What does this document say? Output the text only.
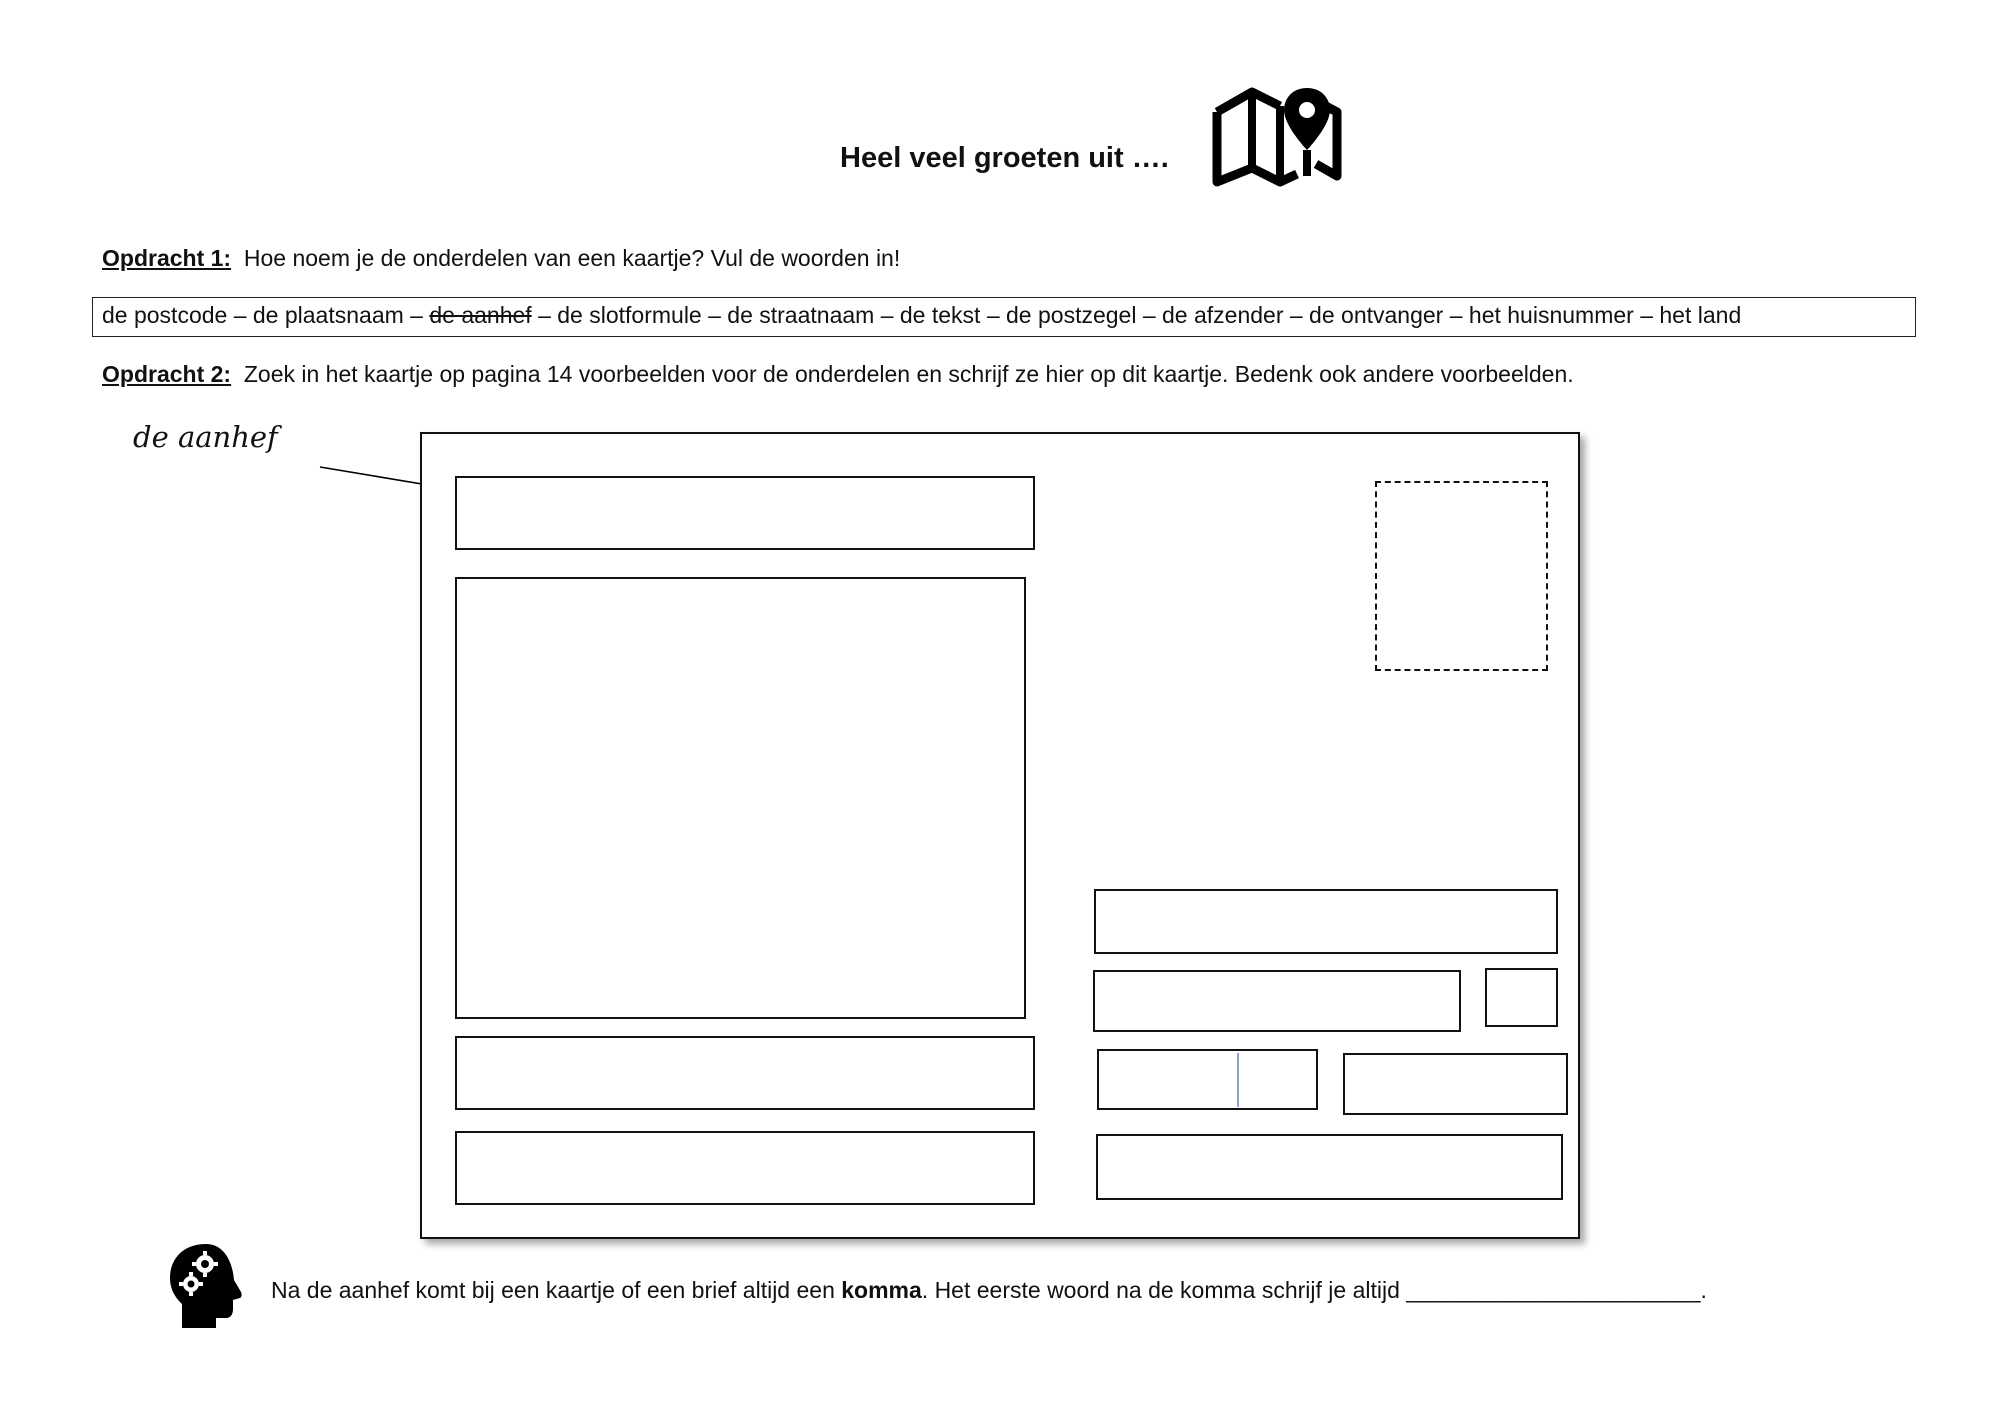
Heel veel groeten uit ….
Opdracht 1: Hoe noem je de onderdelen van een kaartje? Vul de woorden in!
de postcode – de plaatsnaam – de aanhef – de slotformule – de straatnaam – de tekst – de postzegel – de afzender – de ontvanger – het huisnummer – het land
Opdracht 2: Zoek in het kaartje op pagina 14 voorbeelden voor de onderdelen en schrijf ze hier op dit kaartje. Bedenk ook andere voorbeelden.
de aanhef
Na de aanhef komt bij een kaartje of een brief altijd een komma. Het eerste woord na de komma schrijf je altijd _______________________.
